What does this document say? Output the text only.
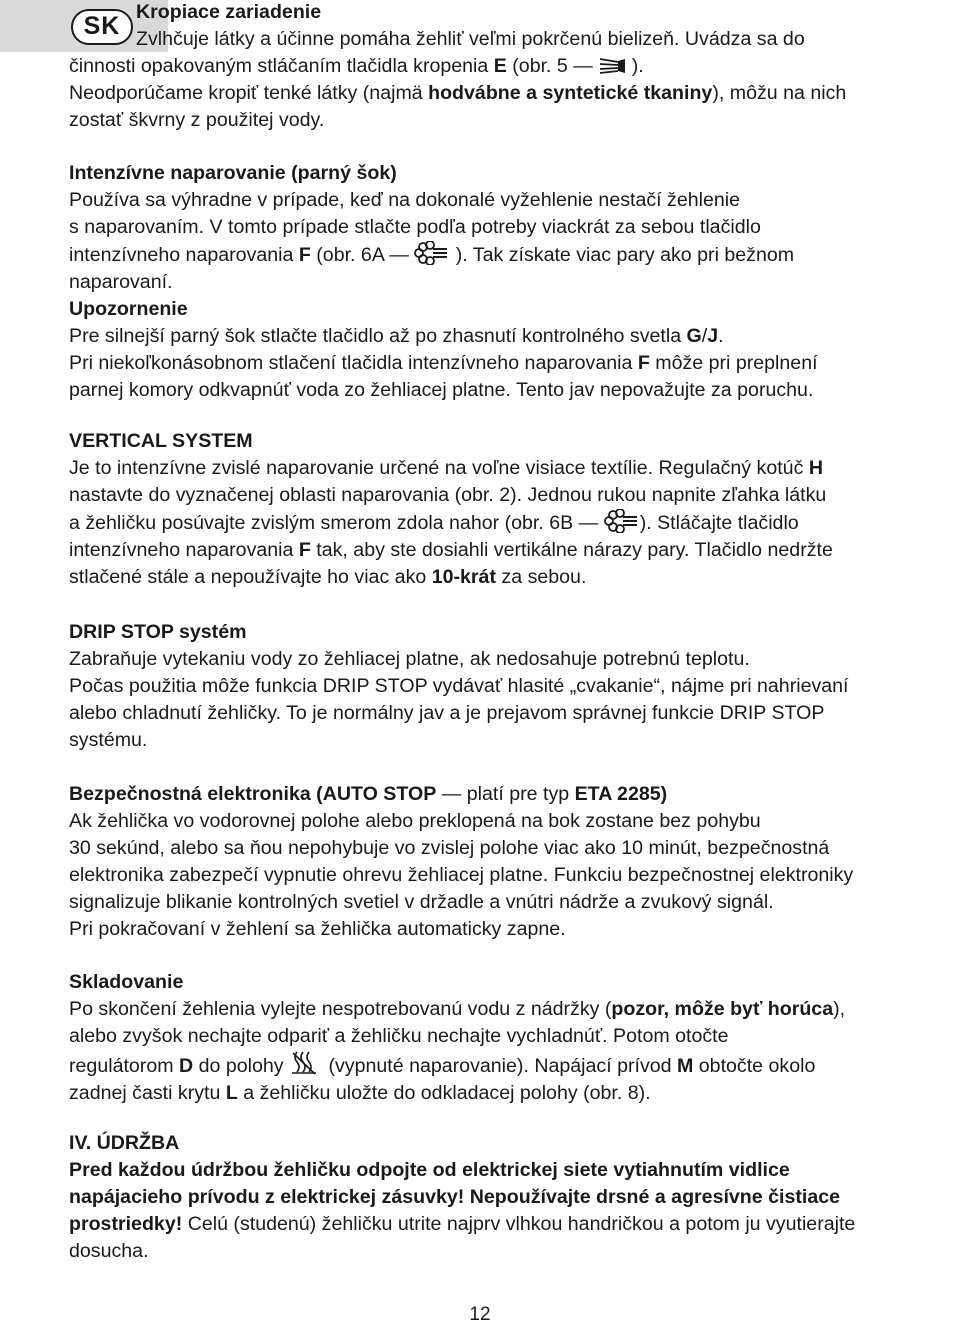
SK Kropiace zariadenie

Zvlhčuje látky a účinne pomáha žehliť veľmi pokrčenú bielizeň. Uvádza sa do

činnosti opakovaným stláčaním tlačidla kropenia E (obr. 5 —
).

Neodporúčame kropiť tenké látky (najmä hodvábne a syntetické tkaniny), môžu na nich

zostať škvrny z použitej vody.

Intenzívne naparovanie (parný šok)

Používa sa výhradne v prípade, keď na dokonalé vyžehlenie nestačí žehlenie

s naparovaním. V tomto prípade stlačte podľa potreby viackrát za sebou tlačidlo

intenzívneho naparovania F (obr. 6A —
). Tak získate viac pary ako pri bežnom

naparovaní.

Upozornenie

Pre silnejší parný šok stlačte tlačidlo až po zhasnutí kontrolného svetla G/J.

Pri niekoľkonásobnom stlačení tlačidla intenzívneho naparovania F môže pri preplnení

parnej komory odkvapnúť voda zo žehliacej platne. Tento jav nepovažujte za poruchu.

VERTICAL SYSTEM

Je to intenzívne zvislé naparovanie určené na voľne visiace textílie. Regulačný kotúč H

nastavte do vyznačenej oblasti naparovania (obr. 2). Jednou rukou napnite zľahka látku

a žehličku posúvajte zvislým smerom zdola nahor (obr. 6B —
). Stláčajte tlačidlo

intenzívneho naparovania F tak, aby ste dosiahli vertikálne nárazy pary. Tlačidlo nedržte

stlačené stále a nepoužívajte ho viac ako 10-krát za sebou.

DRIP STOP systém

Zabraňuje vytekaniu vody zo žehliacej platne, ak nedosahuje potrebnú teplotu.

Počas použitia môže funkcia DRIP STOP vydávať hlasité „cvakanie“, nájme pri nahrievaní

alebo chladnutí žehličky. To je normálny jav a je prejavom správnej funkcie DRIP STOP

systému.

Bezpečnostná elektronika (AUTO STOP — platí pre typ ETA 2285)

Ak žehlička vo vodorovnej polohe alebo preklopená na bok zostane bez pohybu

30 sekúnd, alebo sa ňou nepohybuje vo zvislej polohe viac ako 10 minút, bezpečnostná

elektronika zabezpečí vypnutie ohrevu žehliacej platne. Funkciu bezpečnostnej elektroniky

signalizuje blikanie kontrolných svetiel v držadle a vnútri nádrže a zvukový signál.

Pri pokračovaní v žehlení sa žehlička automaticky zapne.

Skladovanie

Po skončení žehlenia vylejte nespotrebovanú vodu z nádržky (pozor, môže byť horúca),

alebo zvyšok nechajte odpariť a žehličku nechajte vychladnúť. Potom otočte

regulátorom D do polohy
(vypnuté naparovanie). Napájací prívod M obtočte okolo

zadnej časti krytu L a žehličku uložte do odkladacej polohy (obr. 8).

IV. ÚDRŽBA

Pred každou údržbou žehličku odpojte od elektrickej siete vytiahnutím vidlice

napájacieho prívodu z elektrickej zásuvky! Nepoužívajte drsné a agresívne čistiace

prostriedky! Celú (studenú) žehličku utrite najprv vlhkou handričkou a potom ju vyutierajte

dosucha.

12
